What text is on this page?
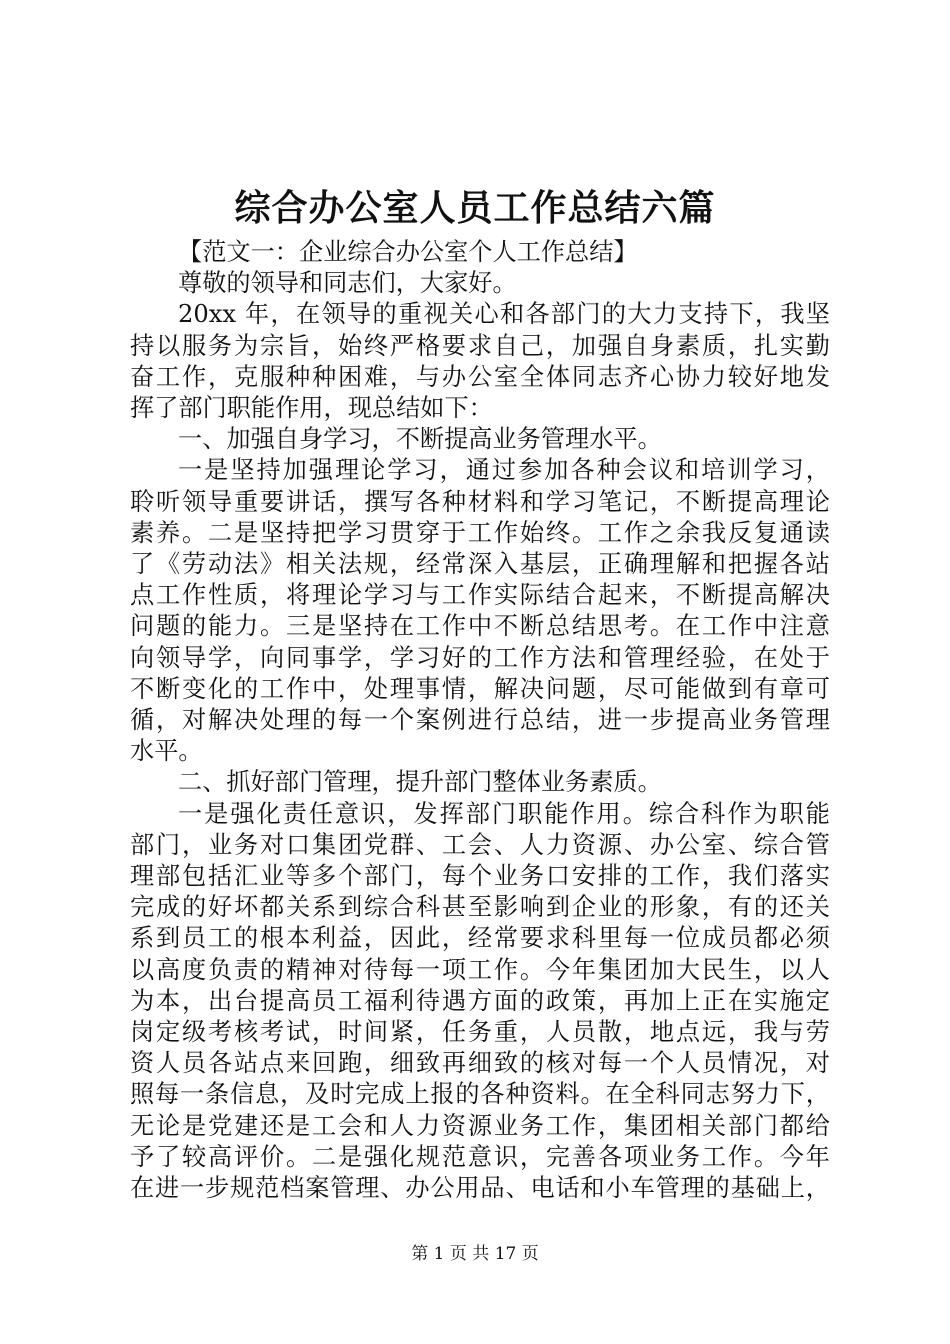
综合办公室人员工作总结六篇
【范文一：企业综合办公室个人工作总结】
尊敬的领导和同志们，大家好。
20xx 年，在领导的重视关心和各部门的大力支持下，我坚
持以服务为宗旨，始终严格要求自己，加强自身素质，扎实勤
奋工作，克服种种困难，与办公室全体同志齐心协力较好地发
挥了部门职能作用，现总结如下：
一、加强自身学习，不断提高业务管理水平。
一是坚持加强理论学习，通过参加各种会议和培训学习，
聆听领导重要讲话，撰写各种材料和学习笔记，不断提高理论
素养。二是坚持把学习贯穿于工作始终。工作之余我反复通读
了《劳动法》相关法规，经常深入基层，正确理解和把握各站
点工作性质，将理论学习与工作实际结合起来，不断提高解决
问题的能力。三是坚持在工作中不断总结思考。在工作中注意
向领导学，向同事学，学习好的工作方法和管理经验，在处于
不断变化的工作中，处理事情，解决问题，尽可能做到有章可
循，对解决处理的每一个案例进行总结，进一步提高业务管理
水平。
二、抓好部门管理，提升部门整体业务素质。
一是强化责任意识，发挥部门职能作用。综合科作为职能
部门，业务对口集团党群、工会、人力资源、办公室、综合管
理部包括汇业等多个部门，每个业务口安排的工作，我们落实
完成的好坏都关系到综合科甚至影响到企业的形象，有的还关
系到员工的根本利益，因此，经常要求科里每一位成员都必须
以高度负责的精神对待每一项工作。今年集团加大民生，以人
为本，出台提高员工福利待遇方面的政策，再加上正在实施定
岗定级考核考试，时间紧，任务重，人员散，地点远，我与劳
资人员各站点来回跑，细致再细致的核对每一个人员情况，对
照每一条信息，及时完成上报的各种资料。在全科同志努力下，
无论是党建还是工会和人力资源业务工作，集团相关部门都给
予了较高评价。二是强化规范意识，完善各项业务工作。今年
在进一步规范档案管理、办公用品、电话和小车管理的基础上，
第 1 页 共 17 页
